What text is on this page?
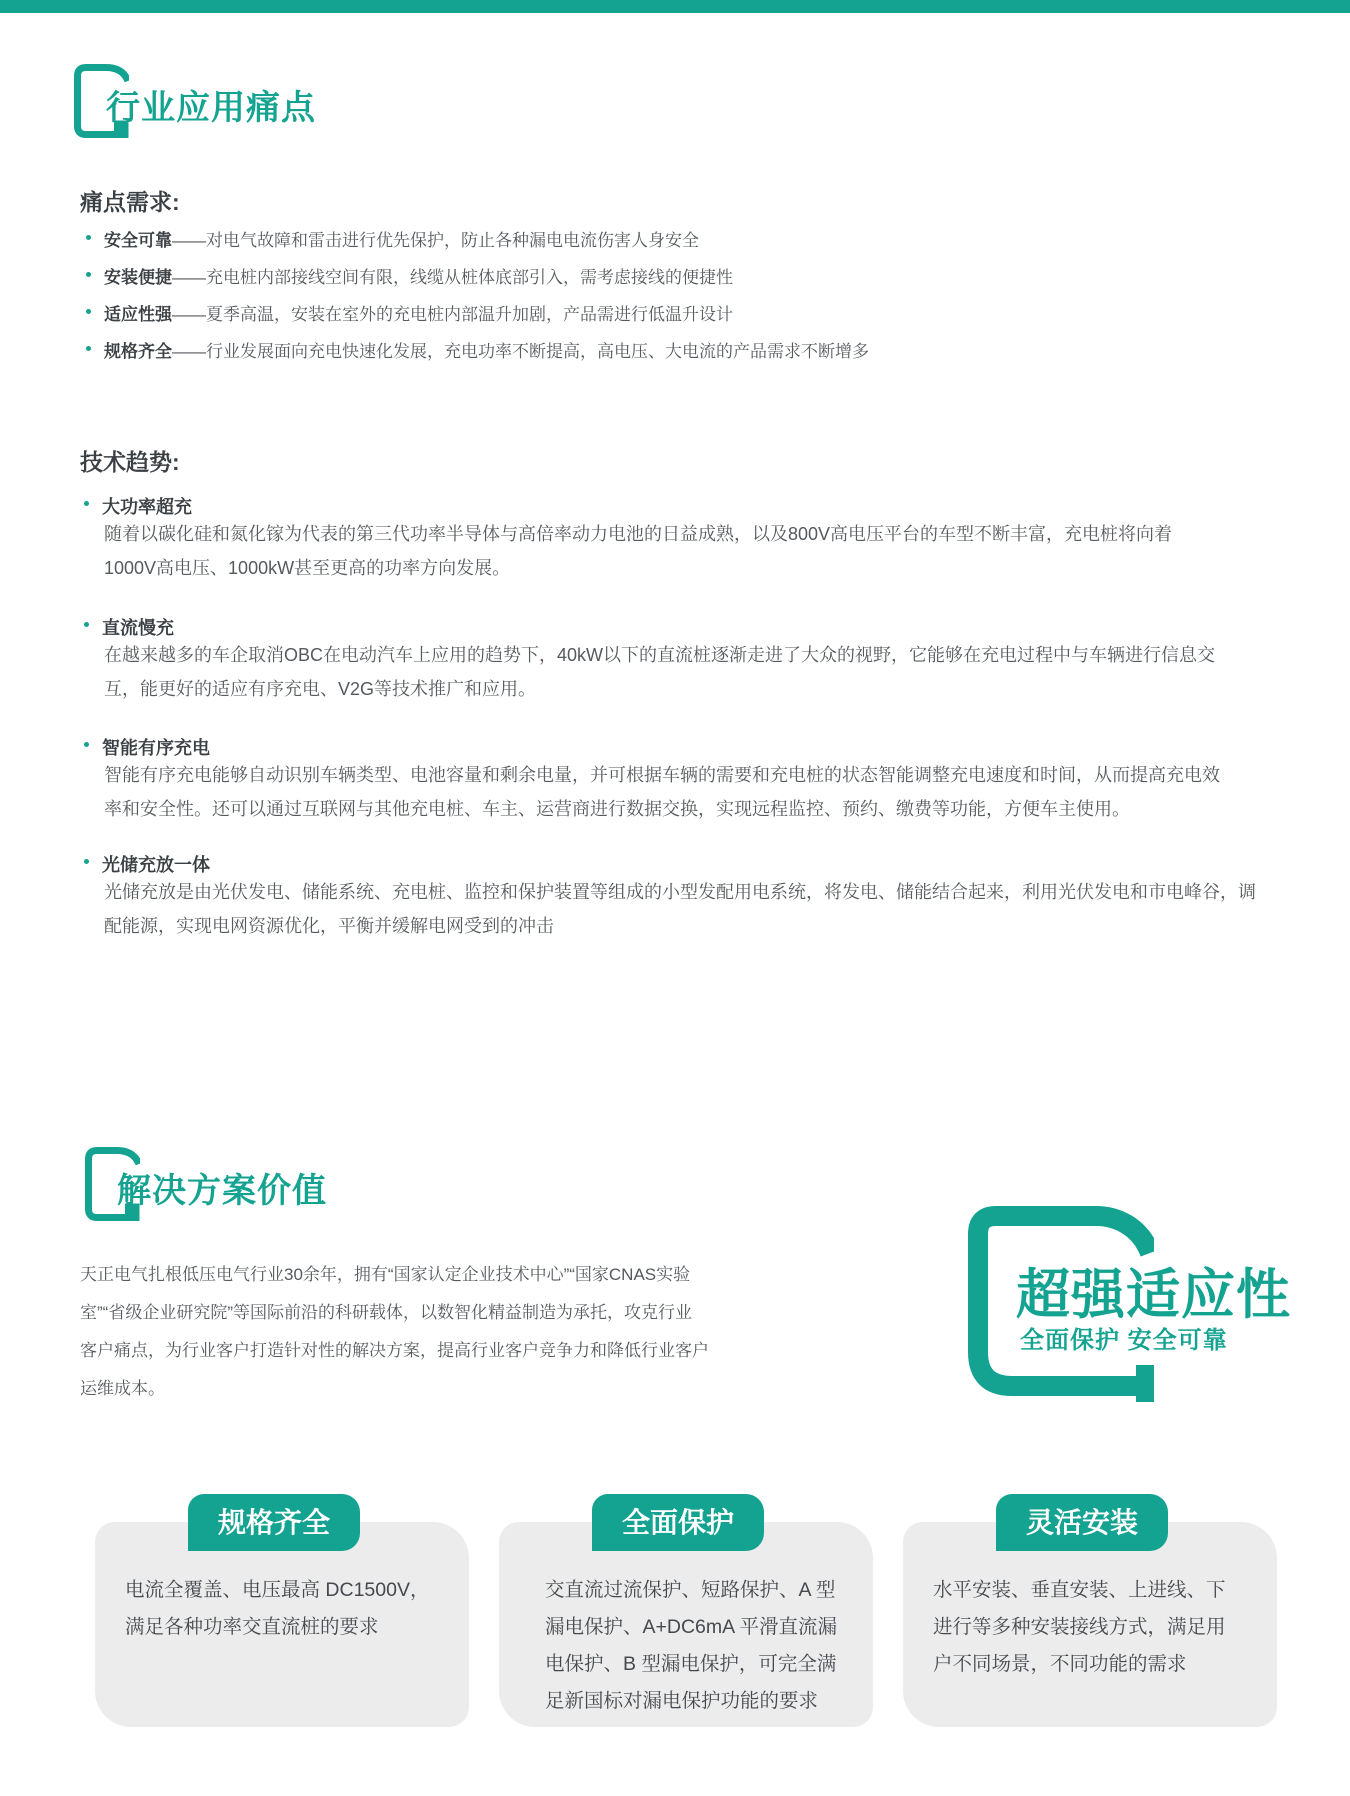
行业应用痛点
痛点需求:
安全可靠——对电气故障和雷击进行优先保护，防止各种漏电电流伤害人身安全
安装便捷——充电桩内部接线空间有限，线缆从桩体底部引入，需考虑接线的便捷性
适应性强——夏季高温，安装在室外的充电桩内部温升加剧，产品需进行低温升设计
规格齐全——行业发展面向充电快速化发展，充电功率不断提高，高电压、大电流的产品需求不断增多
技术趋势:
大功率超充
随着以碳化硅和氮化镓为代表的第三代功率半导体与高倍率动力电池的日益成熟，以及800V高电压平台的车型不断丰富，充电桩将向着
1000V高电压、1000kW甚至更高的功率方向发展。
直流慢充
在越来越多的车企取消OBC在电动汽车上应用的趋势下，40kW以下的直流桩逐渐走进了大众的视野，它能够在充电过程中与车辆进行信息交
互，能更好的适应有序充电、V2G等技术推广和应用。
智能有序充电
智能有序充电能够自动识别车辆类型、电池容量和剩余电量，并可根据车辆的需要和充电桩的状态智能调整充电速度和时间，从而提高充电效
率和安全性。还可以通过互联网与其他充电桩、车主、运营商进行数据交换，实现远程监控、预约、缴费等功能，方便车主使用。
光储充放一体
光储充放是由光伏发电、储能系统、充电桩、监控和保护装置等组成的小型发配用电系统，将发电、储能结合起来，利用光伏发电和市电峰谷，调
配能源，实现电网资源优化，平衡并缓解电网受到的冲击
解决方案价值
天正电气扎根低压电气行业30余年，拥有“国家认定企业技术中心”“国家CNAS实验
室”“省级企业研究院”等国际前沿的科研载体，以数智化精益制造为承托，攻克行业
客户痛点，为行业客户打造针对性的解决方案，提高行业客户竞争力和降低行业客户
运维成本。
超强适应性
全面保护 安全可靠
电流全覆盖、电压最高 DC1500V，
满足各种功率交直流桩的要求
规格齐全
交直流过流保护、短路保护、A 型
漏电保护、A+DC6mA 平滑直流漏
电保护、B 型漏电保护，可完全满
足新国标对漏电保护功能的要求
全面保护
水平安装、垂直安装、上进线、下
进行等多种安装接线方式，满足用
户不同场景，不同功能的需求
灵活安装
